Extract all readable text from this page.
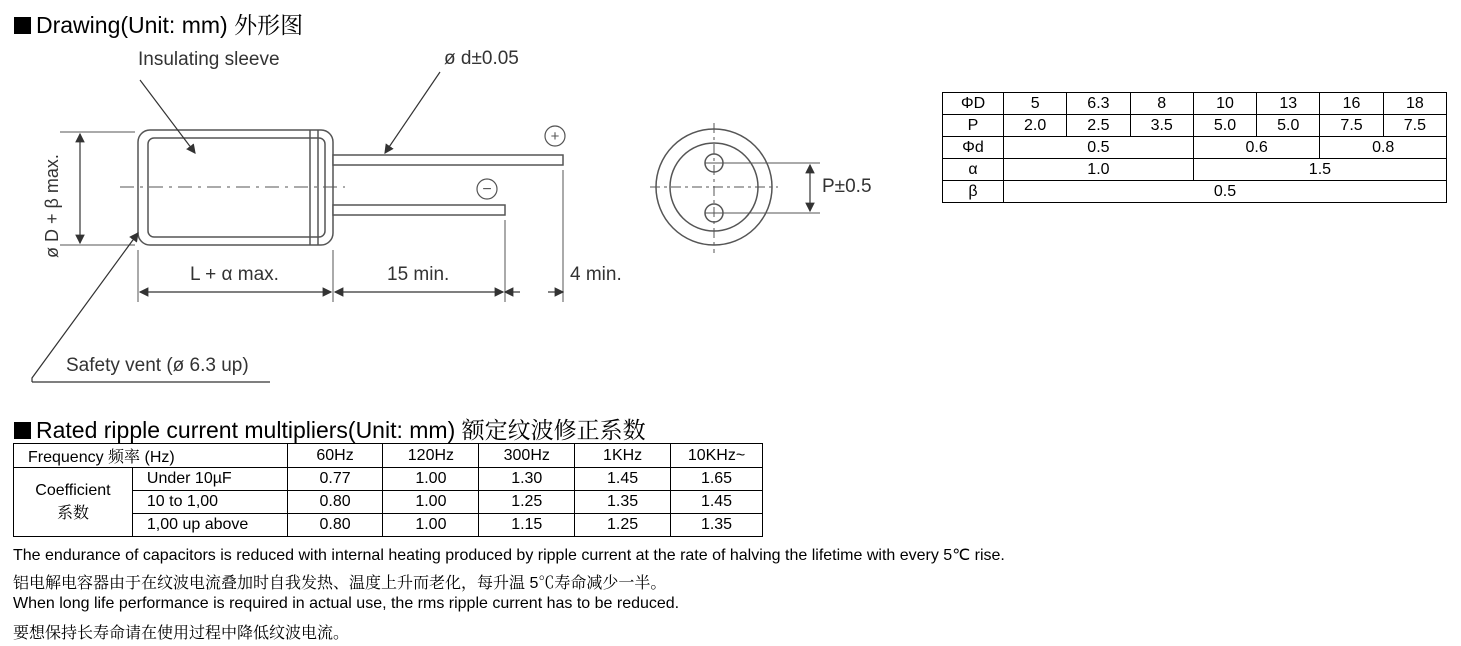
Drawing(Unit: mm) 外形图
+
−
Insulating sleeve	ø d±0.05
ø D + β max.
L + α max.	15 min.	4 min.
Safety vent (ø 6.3 up)
P±0.5
ΦD	5	6.3	8	10	13	16	18
P	2.0	2.5	3.5	5.0	5.0	7.5	7.5
Φd	0.5			0.6		0.8	
α	1.0			1.5			
β	0.5						
Rated ripple current multipliers(Unit: mm) 额定纹波修正系数
Frequency 频率 (Hz)		60Hz	120Hz	300Hz	1KHz	10KHz~

Coefficient
系数	Under 10µF	0.77	1.00	1.30	1.45	1.65
	10 to 1,00	0.80	1.00	1.25	1.35	1.45
	1,00 up above	0.80	1.00	1.15	1.25	1.35
The endurance of capacitors is reduced with internal heating produced by ripple current at the rate of halving the lifetime with every 5℃ rise.
铝电解电容器由于在纹波电流叠加时自我发热、温度上升而老化，每升温 5℃寿命减少一半。
When long life performance is required in actual use, the rms ripple current has to be reduced.
要想保持长寿命请在使用过程中降低纹波电流。
